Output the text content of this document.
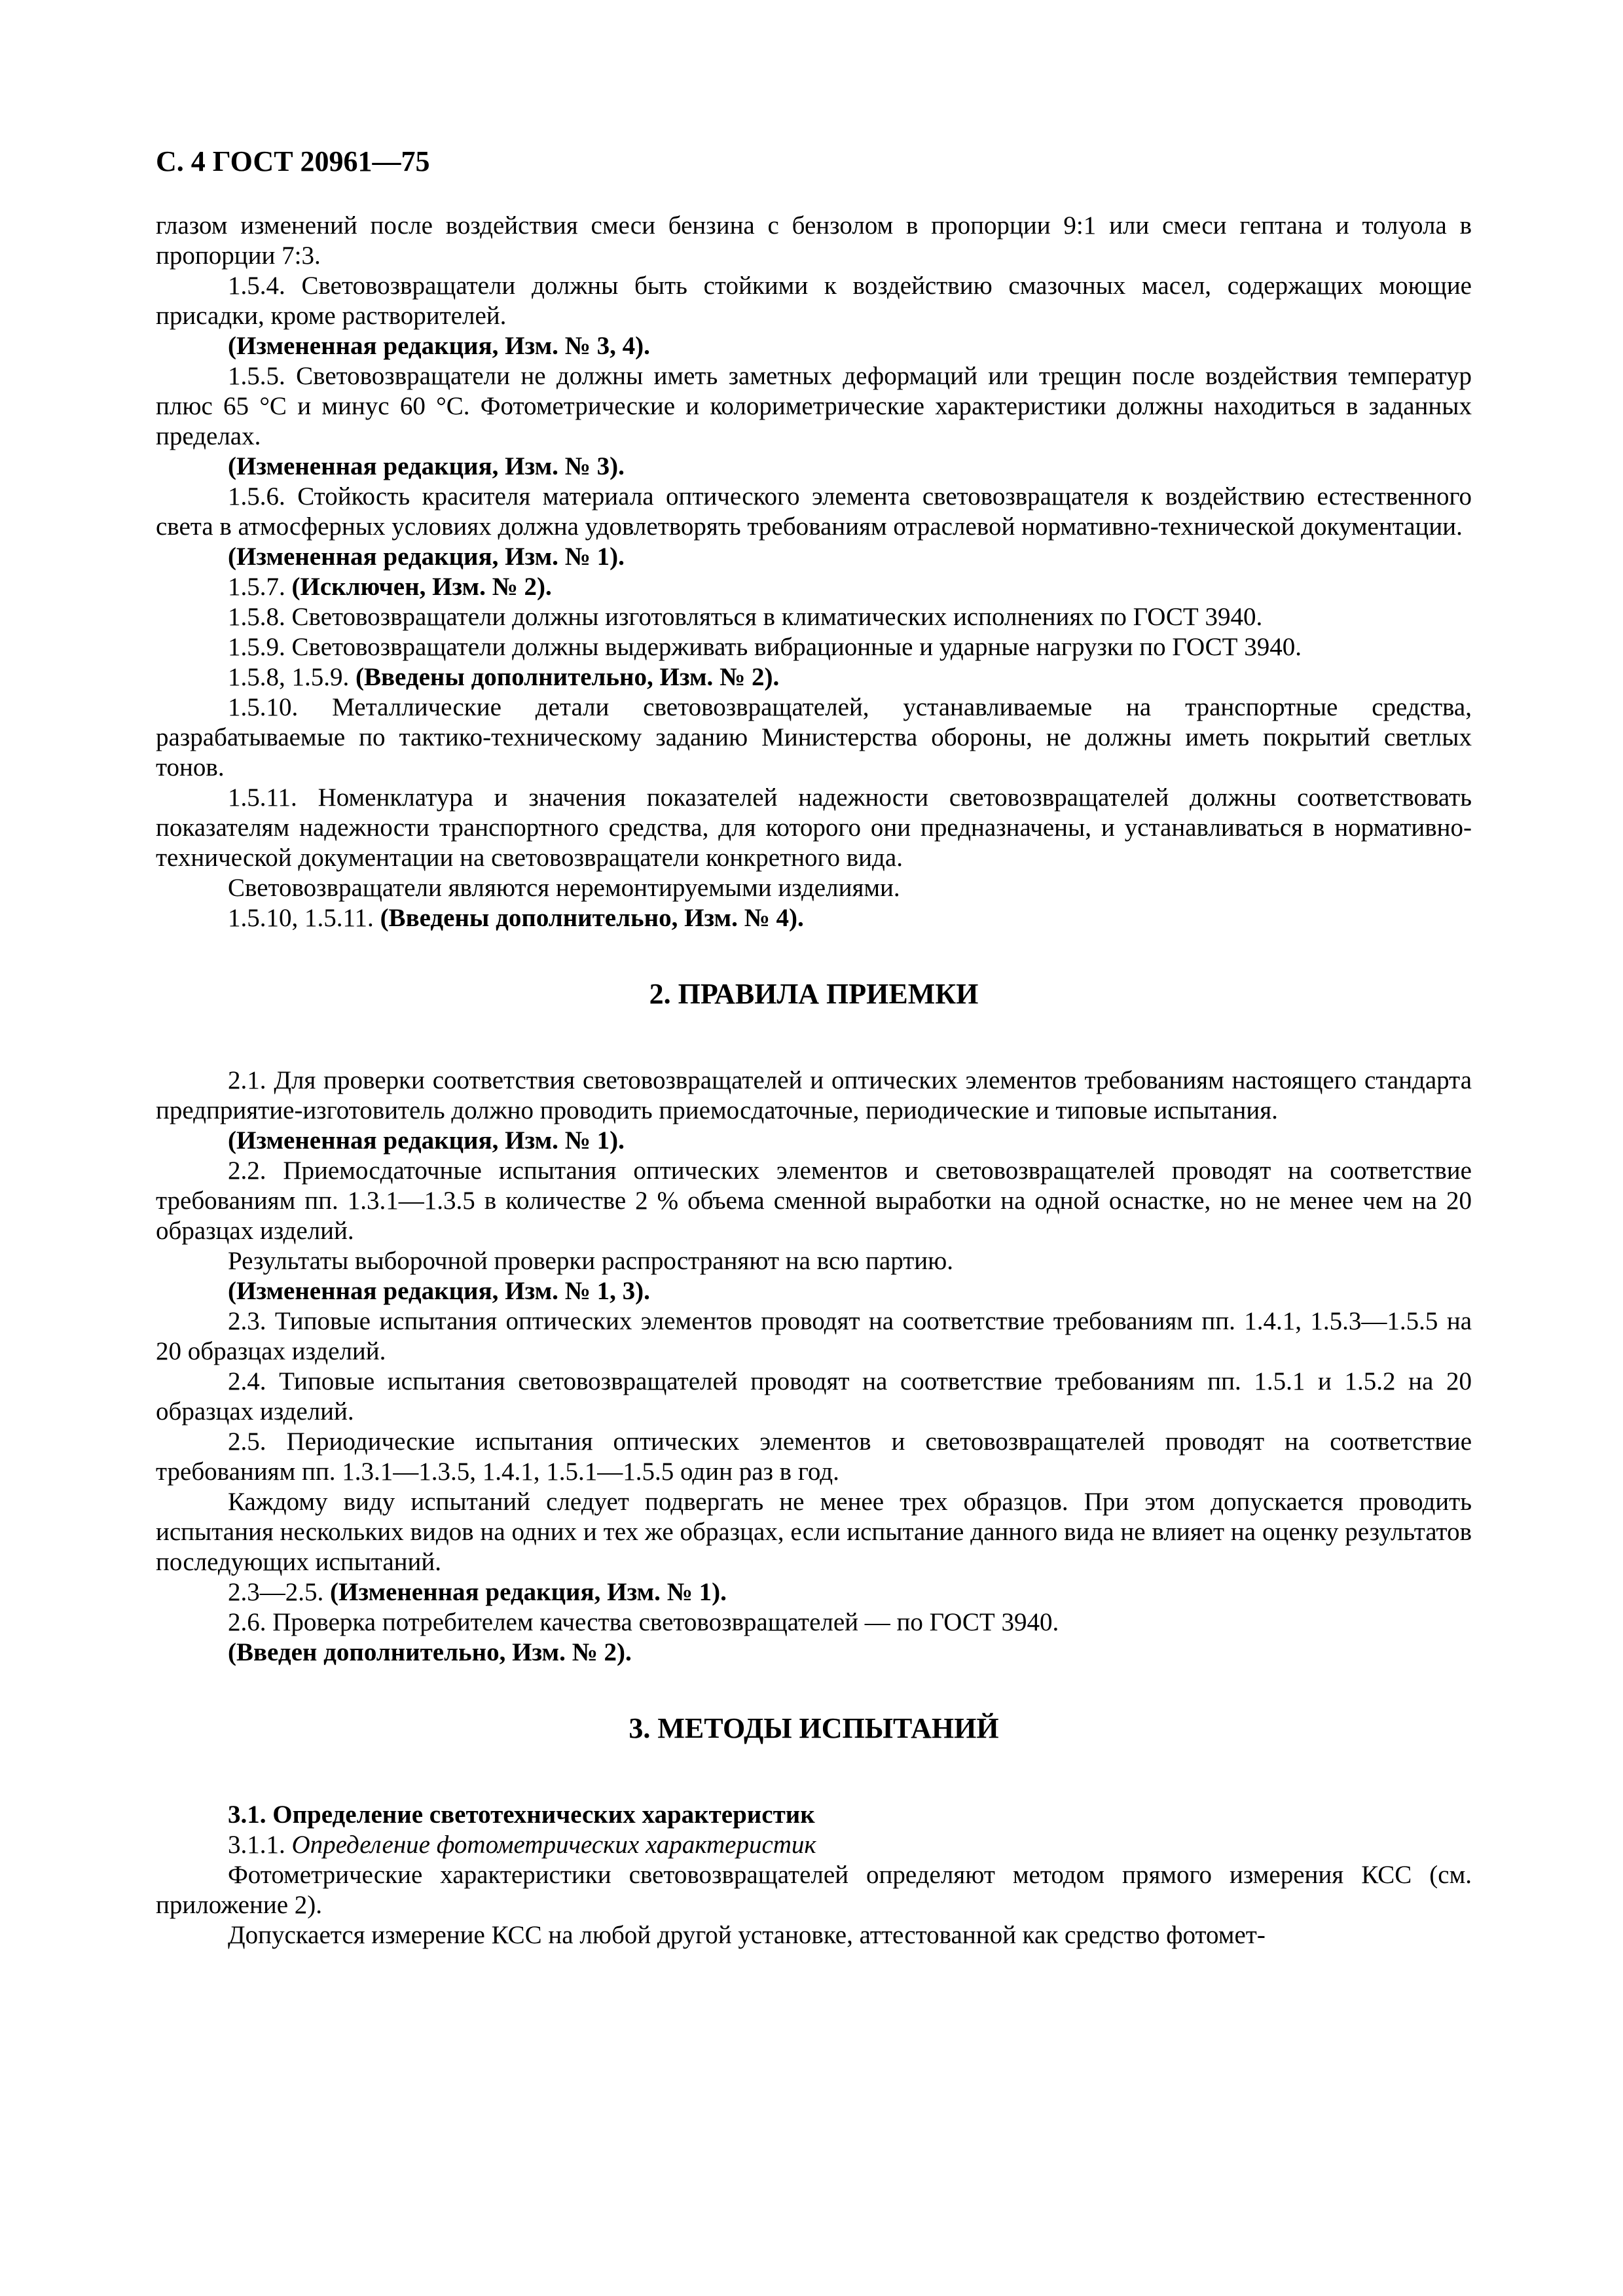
С. 4 ГОСТ 20961—75

глазом изменений после воздействия смеси бензина с бензолом в пропорции 9:1 или смеси гептана и толуола в пропорции 7:3.

1.5.4. Световозвращатели должны быть стойкими к воздействию смазочных масел, содержащих моющие присадки, кроме растворителей.

(Измененная редакция, Изм. № 3, 4).

1.5.5. Световозвращатели не должны иметь заметных деформаций или трещин после воздействия температур плюс 65 °С и минус 60 °С. Фотометрические и колориметрические характеристики должны находиться в заданных пределах.

(Измененная редакция, Изм. № 3).

1.5.6. Стойкость красителя материала оптического элемента световозвращателя к воздействию естественного света в атмосферных условиях должна удовлетворять требованиям отраслевой нормативно-технической документации.

(Измененная редакция, Изм. № 1).

1.5.7. (Исключен, Изм. № 2).

1.5.8. Световозвращатели должны изготовляться в климатических исполнениях по ГОСТ 3940.

1.5.9. Световозвращатели должны выдерживать вибрационные и ударные нагрузки по ГОСТ 3940.

1.5.8, 1.5.9. (Введены дополнительно, Изм. № 2).

1.5.10. Металлические детали световозвращателей, устанавливаемые на транспортные средства, разрабатываемые по тактико-техническому заданию Министерства обороны, не должны иметь покрытий светлых тонов.

1.5.11. Номенклатура и значения показателей надежности световозвращателей должны соответствовать показателям надежности транспортного средства, для которого они предназначены, и устанавливаться в нормативно-технической документации на световозвращатели конкретного вида.

Световозвращатели являются неремонтируемыми изделиями.

1.5.10, 1.5.11. (Введены дополнительно, Изм. № 4).

2. ПРАВИЛА ПРИЕМКИ

2.1. Для проверки соответствия световозвращателей и оптических элементов требованиям настоящего стандарта предприятие-изготовитель должно проводить приемосдаточные, периодические и типовые испытания.

(Измененная редакция, Изм. № 1).

2.2. Приемосдаточные испытания оптических элементов и световозвращателей проводят на соответствие требованиям пп. 1.3.1—1.3.5 в количестве 2 % объема сменной выработки на одной оснастке, но не менее чем на 20 образцах изделий.

Результаты выборочной проверки распространяют на всю партию.

(Измененная редакция, Изм. № 1, 3).

2.3. Типовые испытания оптических элементов проводят на соответствие требованиям пп. 1.4.1, 1.5.3—1.5.5 на 20 образцах изделий.

2.4. Типовые испытания световозвращателей проводят на соответствие требованиям пп. 1.5.1 и 1.5.2 на 20 образцах изделий.

2.5. Периодические испытания оптических элементов и световозвращателей проводят на соответствие требованиям пп. 1.3.1—1.3.5, 1.4.1, 1.5.1—1.5.5 один раз в год.

Каждому виду испытаний следует подвергать не менее трех образцов. При этом допускается проводить испытания нескольких видов на одних и тех же образцах, если испытание данного вида не влияет на оценку результатов последующих испытаний.

2.3—2.5. (Измененная редакция, Изм. № 1).

2.6. Проверка потребителем качества световозвращателей — по ГОСТ 3940.

(Введен дополнительно, Изм. № 2).

3. МЕТОДЫ ИСПЫТАНИЙ

3.1. Определение светотехнических характеристик

3.1.1. Определение фотометрических характеристик

Фотометрические характеристики световозвращателей определяют методом прямого измерения КСС (см. приложение 2).

Допускается измерение КСС на любой другой установке, аттестованной как средство фотомет-
